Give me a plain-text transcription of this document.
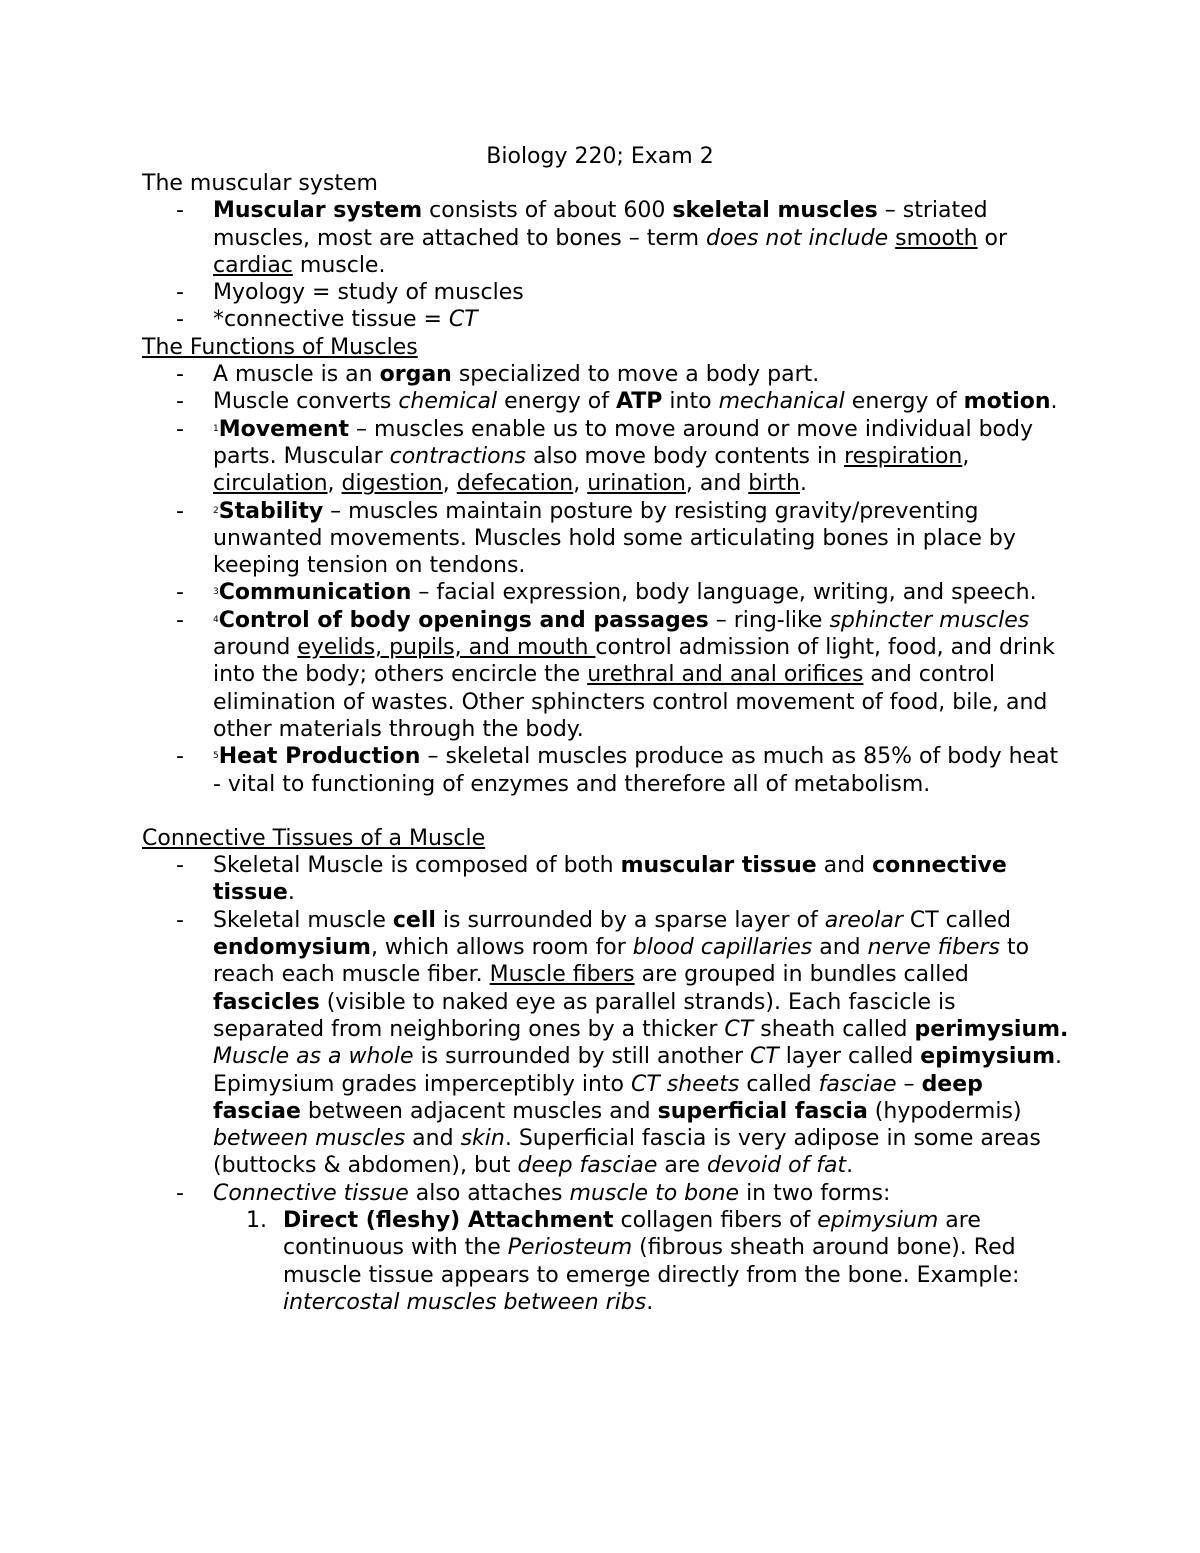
Biology 220; Exam 2

The muscular system

- Muscular system consists of about 600 skeletal muscles – striated muscles, most are attached to bones – term does not include smooth or cardiac muscle.
- Myology = study of muscles
- *connective tissue = CT

The Functions of Muscles

- A muscle is an organ specialized to move a body part.
- Muscle converts chemical energy of ATP into mechanical energy of motion.
- $^1$Movement – muscles enable us to move around or move individual body parts. Muscular contractions also move body contents in respiration, circulation, digestion, defecation, urination, and birth.
- $^2$Stability – muscles maintain posture by resisting gravity/preventing unwanted movements. Muscles hold some articulating bones in place by keeping tension on tendons.
- $^3$Communication – facial expression, body language, writing, and speech.
- $^4$Control of body openings and passages – ring-like sphincter muscles around eyelids, pupils, and mouth control admission of light, food, and drink into the body; others encircle the urethral and anal orifices and control elimination of wastes. Other sphincters control movement of food, bile, and other materials through the body.
- $^5$Heat Production – skeletal muscles produce as much as 85% of body heat - vital to functioning of enzymes and therefore all of metabolism.

Connective Tissues of a Muscle

- Skeletal Muscle is composed of both muscular tissue and connective tissue.
- Skeletal muscle cell is surrounded by a sparse layer of areolar CT called endomysium, which allows room for blood capillaries and nerve fibers to reach each muscle fiber. Muscle fibers are grouped in bundles called fascicles (visible to naked eye as parallel strands). Each fascicle is separated from neighboring ones by a thicker CT sheath called perimysium. Muscle as a whole is surrounded by still another CT layer called epimysium. Epimysium grades imperceptibly into CT sheets called fasciae – deep fasciae between adjacent muscles and superficial fascia (hypodermis) between muscles and skin. Superficial fascia is very adipose in some areas (buttocks & abdomen), but deep fasciae are devoid of fat.
- Connective tissue also attaches muscle to bone in two forms:
1. Direct (fleshy) Attachment collagen fibers of epimysium are continuous with the Periosteum (fibrous sheath around bone). Red muscle tissue appears to emerge directly from the bone. Example: intercostal muscles between ribs.
